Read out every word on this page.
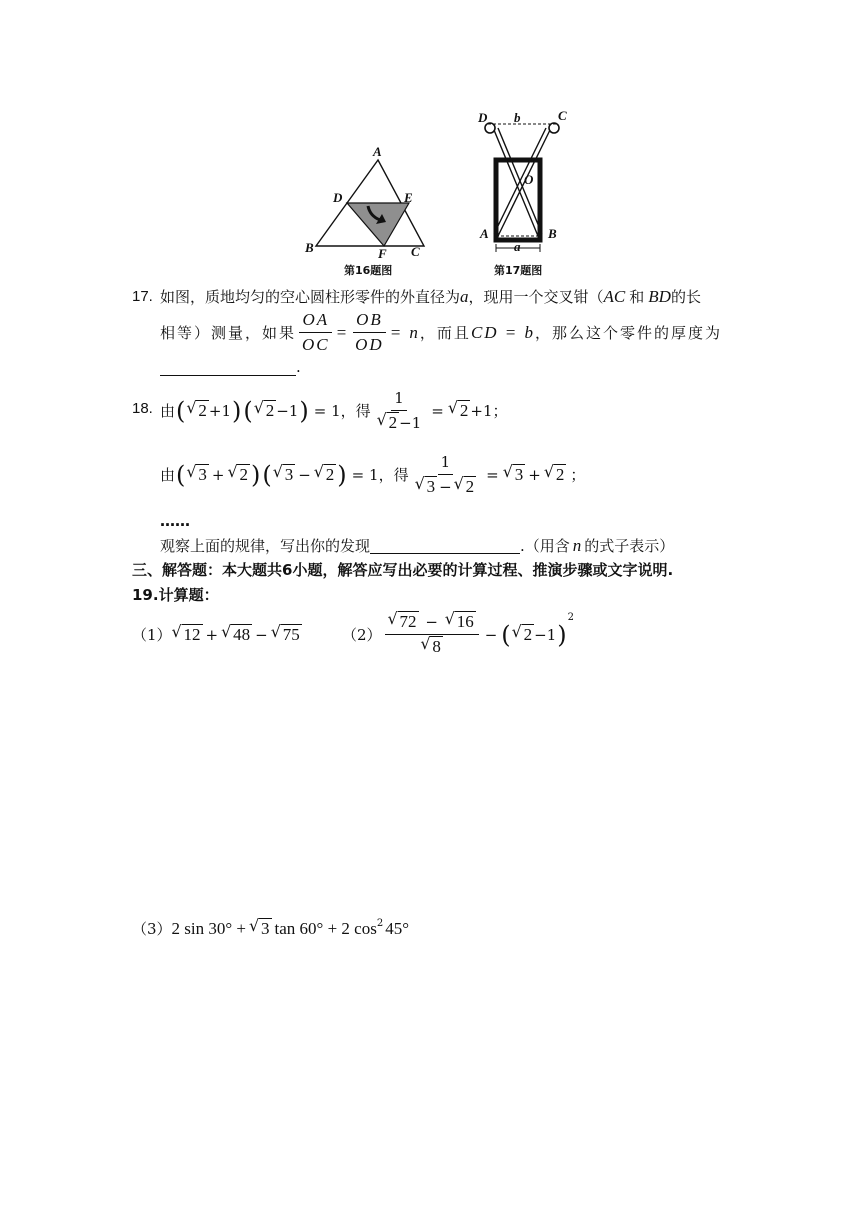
A
D	E
B	F C
第16题图
D b	C
O
A
a
B
第17题图
17. 如图，质地均匀的空心圆柱形零件的外直径为 a ，现用一个交叉钳（ AC 和 BD 的长
相等）测量，如果 $\frac{OA}{OC} = \frac{OB}{OD} = n$ ，而且 CD = b ，那么这个零件的厚度为
.
18. 由 ( √ 2 +1 ) ( √ 2 −1 ) = 1 ，得 $\frac{1}{√ 2 -1}$ = √ 2 +1 ；
由 ( √ 3 + √ 2 ) ( √ 3 − √ 2 ) = 1 ，得 $\frac{1}{√ 3 - √ 2}$ = √ 3 + √ 2 ；
……
观察上面的规律，写出你的发现	.（用含 n 的式子表示）
三、解答题：本大题共6小题，解答应写出必要的计算过程、推演步骤或文字说明.
19. 计算题：
（1） √ 12 + √ 48 − √ 75	$(2) \frac{√ 72 - √ 16}{√ 8}$ − ( √ 2 −1 )
$^2$
（3） 2 sin 30° + √ 3 tan 60° + 2 $\cos^2 45^\circ$
